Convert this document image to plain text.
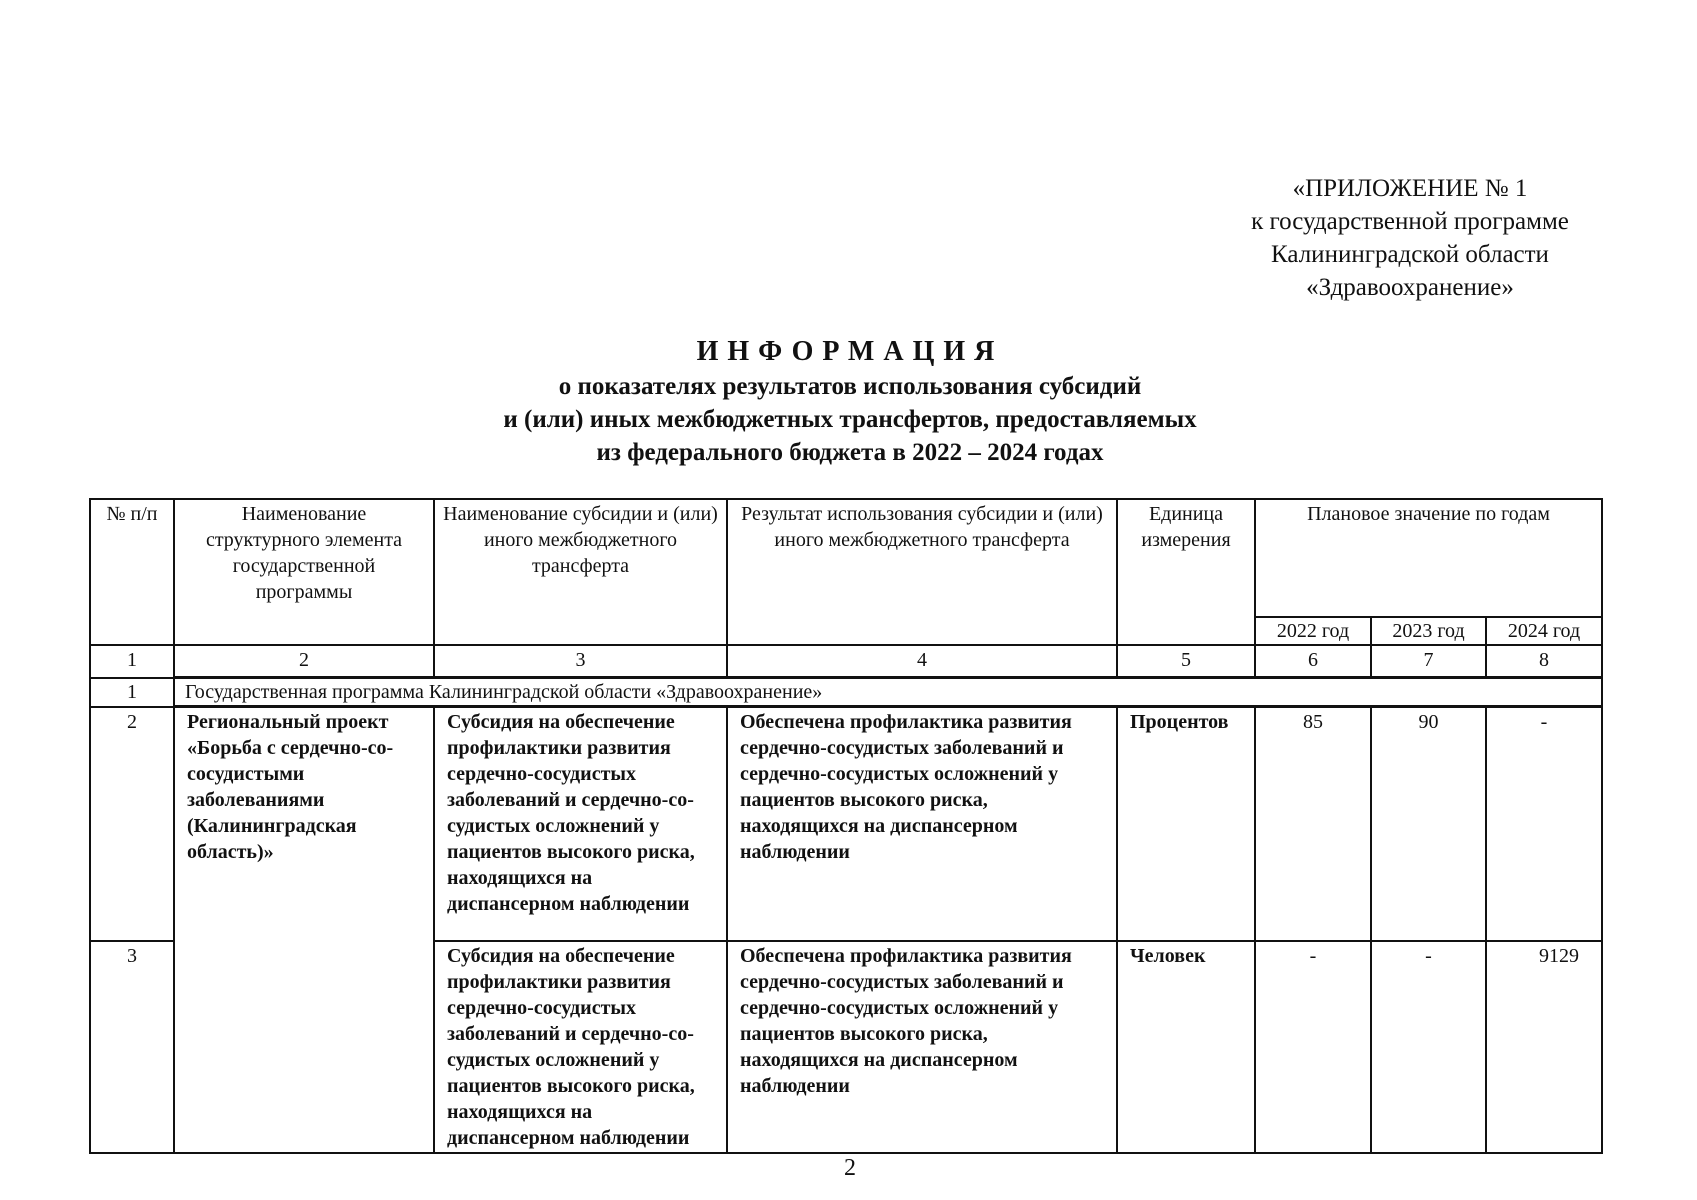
«ПРИЛОЖЕНИЕ № 1
к государственной программе
Калининградской области
«Здравоохранение»
ИНФОРМАЦИЯ
о показателях результатов использования субсидий
и (или) иных межбюджетных трансфертов, предоставляемых
из федерального бюджета в 2022 – 2024 годах
№ п/п	Наименование структурного элемента государственной программы	Наименование субсидии и (или) иного межбюджетного трансферта	Результат использования субсидии и (или) иного межбюджетного трансферта	Единица измерения	Плановое значение по годам		
					2022 год	2023 год	2024 год
1	2	3	4	5	6	7	8
1	Государственная программа Калининградской области «Здравоохранение»						
2	Региональный проект «Борьба с сердечно-со-сосудистыми заболеваниями (Калининградская область)»	Субсидия на обеспечение профилактики развития сердечно-сосудистых заболеваний и сердечно-со-судистых осложнений у пациентов высокого риска, находящихся на диспансерном наблюдении	Обеспечена профилактика развития сердечно-сосудистых заболеваний и сердечно-сосудистых осложнений у пациентов высокого риска, находящихся на диспансерном наблюдении	Процентов	85	90	-
3		Субсидия на обеспечение профилактики развития сердечно-сосудистых заболеваний и сердечно-со-судистых осложнений у пациентов высокого риска, находящихся на диспансерном наблюдении	Обеспечена профилактика развития сердечно-сосудистых заболеваний и сердечно-сосудистых осложнений у пациентов высокого риска, находящихся на диспансерном наблюдении	Человек	-	-	9129
2
